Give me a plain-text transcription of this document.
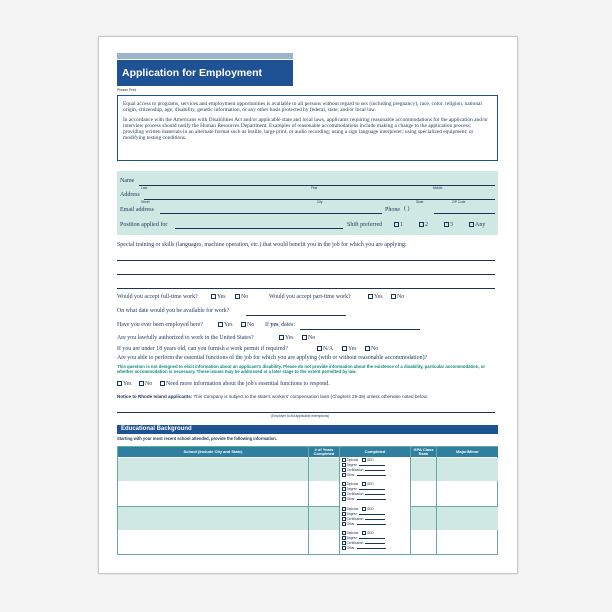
Application for Employment
Please Print

Equal access to programs, services and employment opportunities is available to all persons without regard to sex (including pregnancy), race, color, religion, national origin, citizenship, age, disability, genetic information, or any other basis protected by federal, state, and/or local law.

In accordance with the Americans with Disabilities Act and/or applicable state and local laws, applicants requiring reasonable accommodations for the application and/or interview process should notify the Human Resources Department. Examples of reasonable accommodations include making a change to the application process; providing written materials in an alternate format such as braille, large print, or audio recording; using a sign language interpreter; using specialized equipment; or modifying testing conditions.

Name
Last	First	Middle
Address
Street	City	State	ZIP Code
Email address	Phone ( )
Position applied for	Shift preferred	1	2	3	Any
Special training or skills (languages, machine operation, etc.) that would benefit you in the job for which you are applying:
Would you accept full-time work?	Yes	No	Would you accept part-time work?	Yes	No
On what date would you be available for work?
Have you ever been employed here?	Yes	No If yes, dates:
Are you lawfully authorized to work in the United States?	Yes	No
If you are under 18 years old, can you furnish a work permit if required?	N/A	Yes	No
Are you able to perform the essential functions of the job for which you are applying (with or without reasonable accommodation)?
This question is not designed to elicit information about an applicant's disability. Please do not provide information about the existence of a disability, particular accommodation, or whether accommodation is necessary. These issues may be addressed at a later stage to the extent permitted by law.
Yes	No	Need more information about the job's essential functions to respond.
Notice to Rhode Island applicants: This Company is subject to the state's workers' compensation laws (Chapters 29-38) unless otherwise noted below:
(Employer to list applicable exemptions)
Educational Background
Starting with your most recent school attended, provide the following information.
School (Include City and State)	# of Years Completed	Completed	GPA Class Rank	Major/Minor
Diploma	GED
Degree
Certification
Other
Diploma	GED
Degree
Certification
Other
Diploma	GED
Degree
Certification
Other
Diploma	GED
Degree
Certification
Other
